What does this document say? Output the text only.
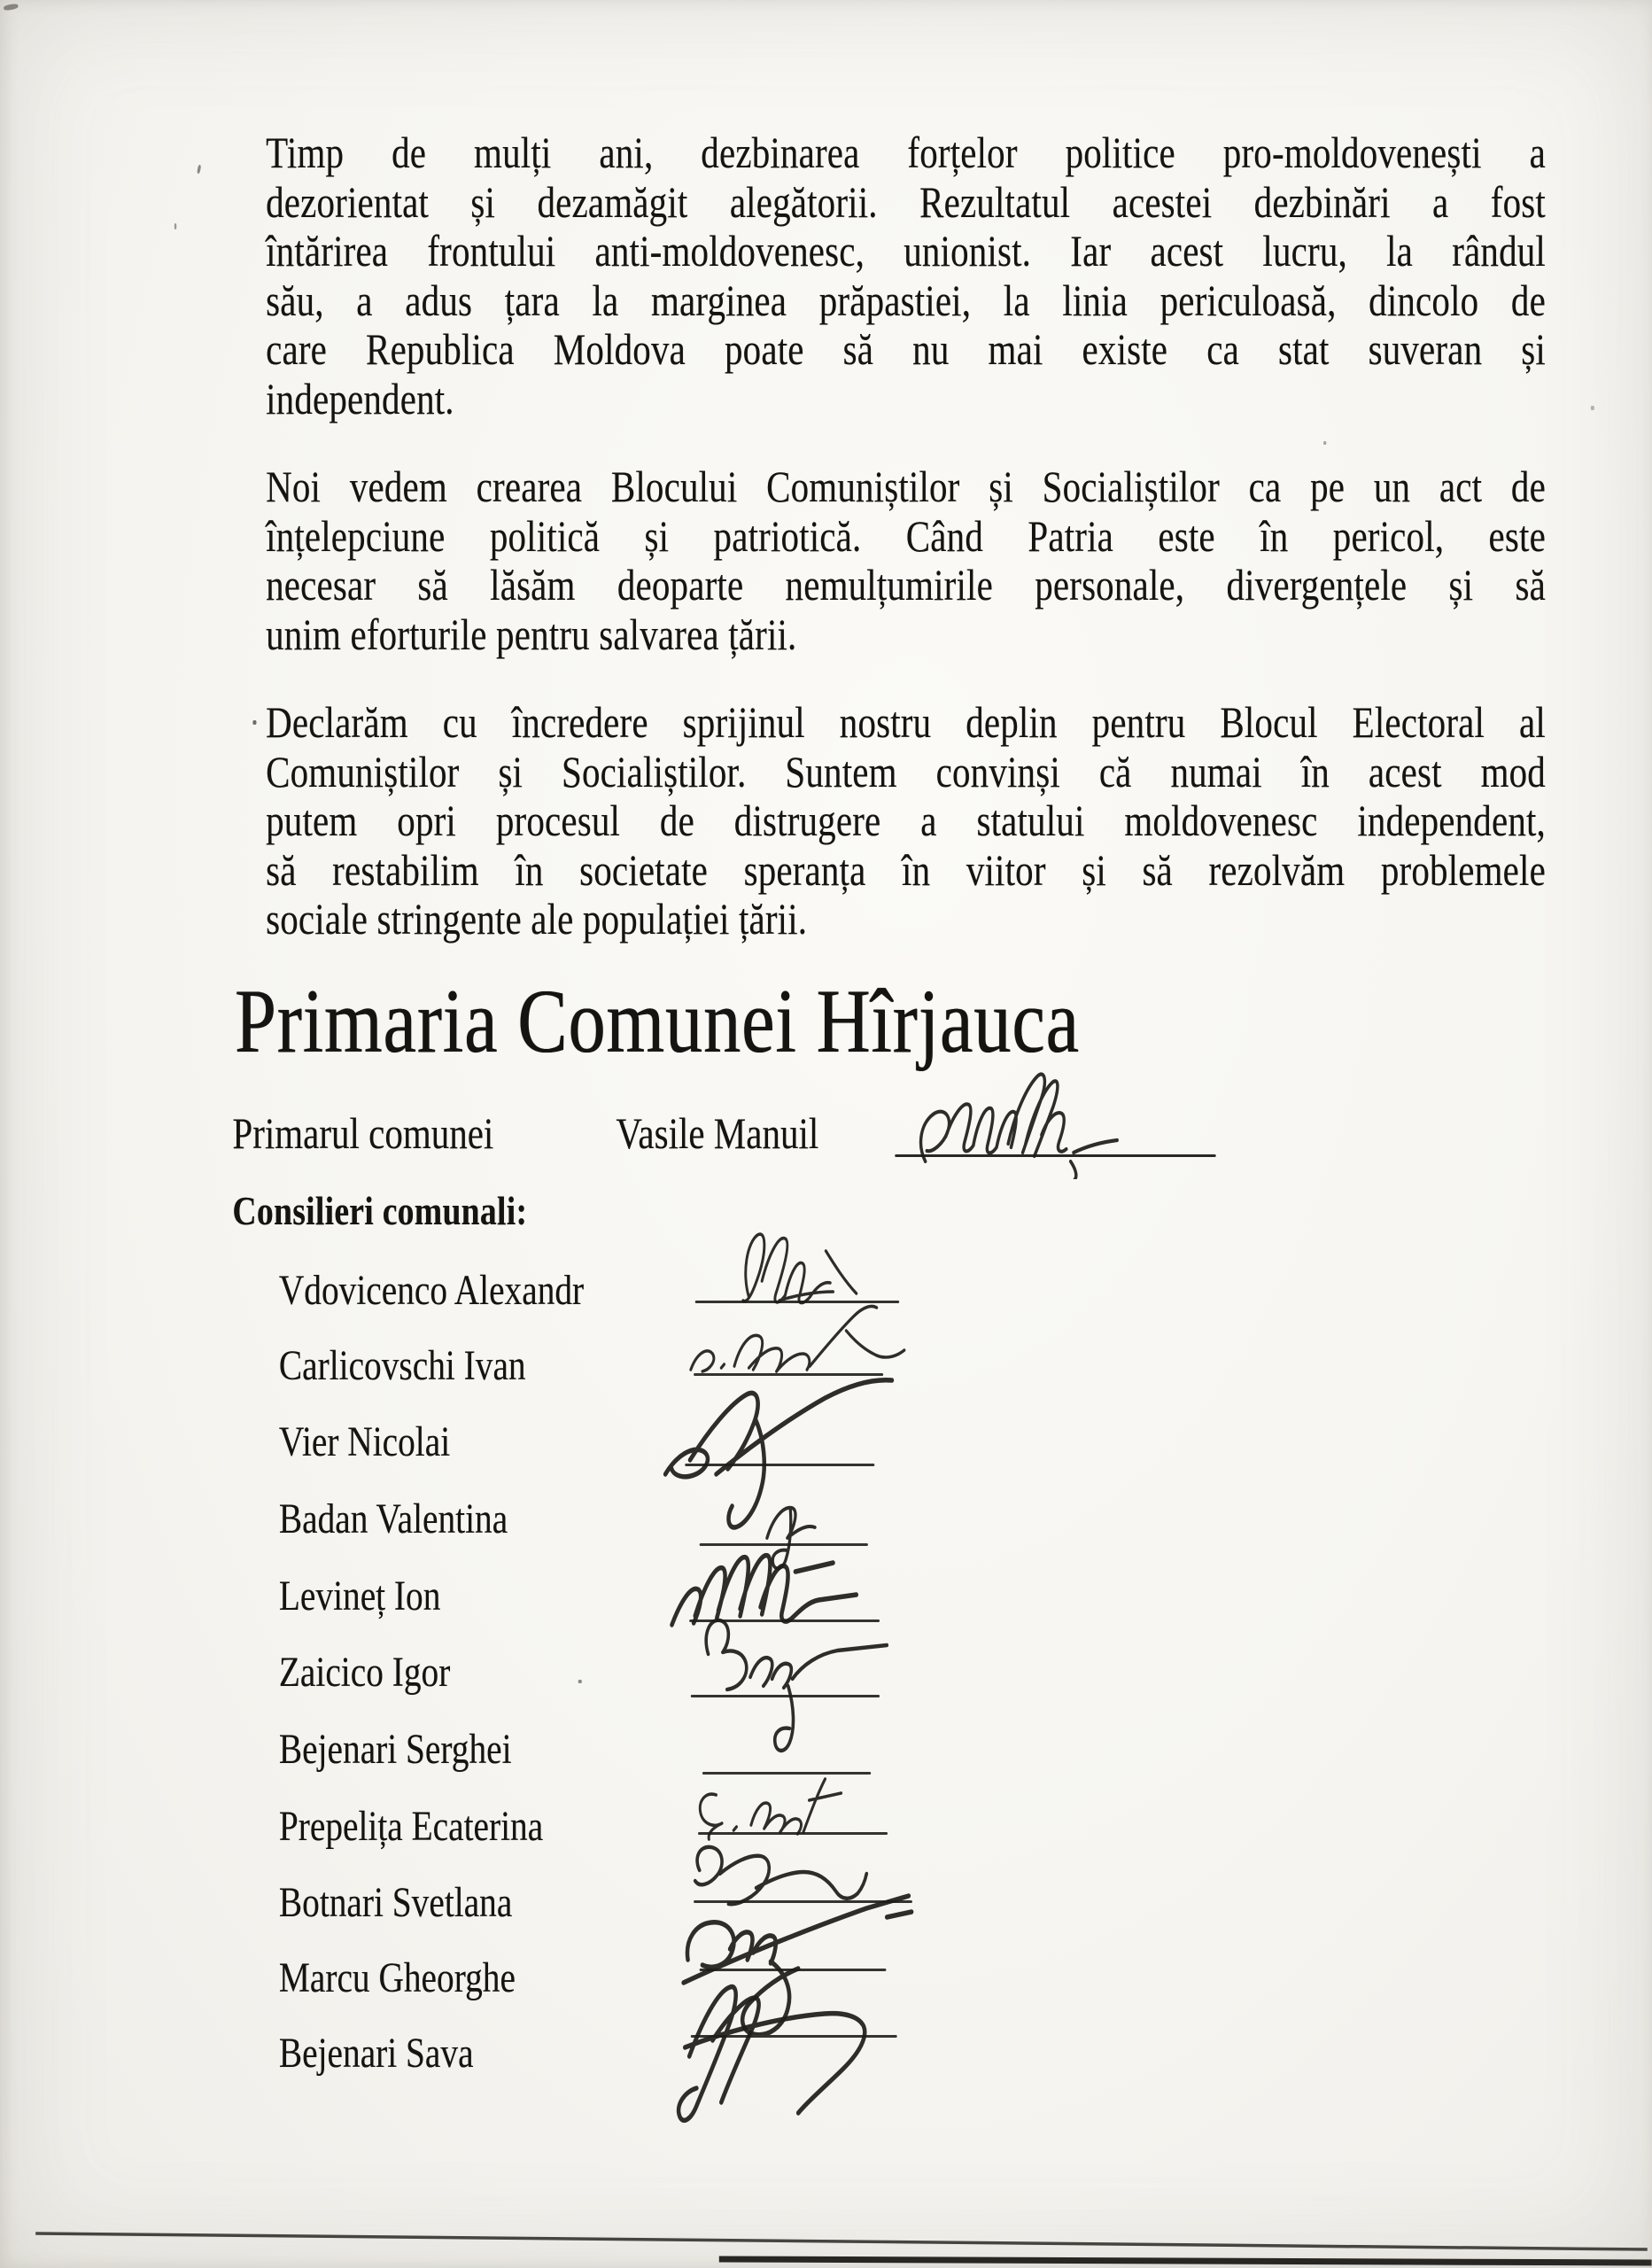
Timp de mulți ani, dezbinarea forțelor politice pro-moldovenești a
dezorientat și dezamăgit alegătorii. Rezultatul acestei dezbinări a fost
întărirea frontului anti-moldovenesc, unionist. Iar acest lucru, la rândul
său, a adus țara la marginea prăpastiei, la linia periculoasă, dincolo de
care Republica Moldova poate să nu mai existe ca stat suveran și
independent.
Noi vedem crearea Blocului Comuniștilor și Socialiștilor ca pe un act de
înțelepciune politică și patriotică. Când Patria este în pericol, este
necesar să lăsăm deoparte nemulțumirile personale, divergențele și să
unim eforturile pentru salvarea țării.
Declarăm cu încredere sprijinul nostru deplin pentru Blocul Electoral al
Comuniștilor și Socialiștilor. Suntem convinși că numai în acest mod
putem opri procesul de distrugere a statului moldovenesc independent,
să restabilim în societate speranța în viitor și să rezolvăm problemele
sociale stringente ale populației țării.
Primaria Comunei Hîrjauca
Primarul comunei	Vasile Manuil
Consilieri comunali:
Vdovicenco Alexandr
Carlicovschi Ivan
Vier Nicolai
Badan Valentina
Levineț Ion
Zaicico Igor
Bejenari Serghei
Prepelița Ecaterina
Botnari Svetlana
Marcu Gheorghe
Bejenari Sava
